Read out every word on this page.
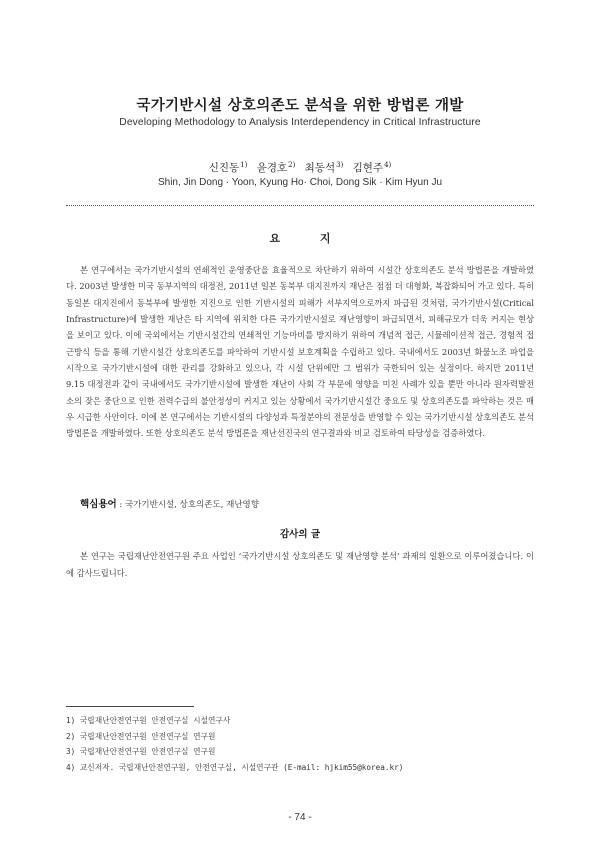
국가기반시설 상호의존도 분석을 위한 방법론 개발
Developing Methodology to Analysis Interdependency in Critical Infrastructure
신진동$^{1)}$ 윤경호$^{2)}$ 최동석$^{3)}$ 김현주$^{4)}$
Shin, Jin Dong · Yoon, Kyung Ho· Choi, Dong Sik · Kim Hyun Ju
요 지

본 연구에서는 국가기반시설의 연쇄적인 운영중단을 효율적으로 차단하기 위하여 시설간 상호의존도 분석 방법론을 개발하였다. 2003년 발생한 미국 동부지역의 대정전, 2011년 일본 동북부 대지진까지 재난은 점점 더 대형화, 복잡화되어 가고 있다. 특히 동일본 대지진에서 동북부에 발생한 지진으로 인한 기반시설의 피해가 서부지역으로까지 파급된 것처럼, 국가기반시설(Critical Infrastructure)에 발생한 재난은 타 지역에 위치한 다른 국가기반시설로 재난영향이 파급되면서, 피해규모가 더욱 커지는 현상을 보이고 있다. 이에 국외에서는 기반시설간의 연쇄적인 기능마비를 방지하기 위하여 개념적 접근, 시뮬레이션적 접근, 경험적 접근방식 등을 통해 기반시설간 상호의존도를 파악하여 기반시설 보호계획을 수립하고 있다. 국내에서도 2003년 화물노조 파업을 시작으로 국가기반시설에 대한 관리를 강화하고 있으나, 각 시설 단위에만 그 범위가 국한되어 있는 실정이다. 하지만 2011년 9.15 대정전과 같이 국내에서도 국가기반시설에 발생한 재난이 사회 각 부문에 영향을 미친 사례가 있을 뿐만 아니라 원자력발전소의 잦은 중단으로 인한 전력수급의 불안정성이 커지고 있는 상황에서 국가기반시설간 중요도 및 상호의존도를 파악하는 것은 매우 시급한 사안이다. 이에 본 연구에서는 기반시설의 다양성과 특정분야의 전문성을 반영할 수 있는 국가기반시설 상호의존도 분석 방법론을 개발하였다. 또한 상호의존도 분석 방법론을 재난선진국의 연구결과와 비교 검토하여 타당성을 검증하였다.

핵심용어 : 국가기반시설, 상호의존도, 재난영향
감사의 글

본 연구는 국립재난안전연구원 주요 사업인 ‘국가기반시설 상호의존도 및 재난영향 분석’ 과제의 일환으로 이루어졌습니다. 이에 감사드립니다.

1) 국립재난안전연구원 안전연구실 시설연구사
2) 국립재난안전연구원 안전연구실 연구원
3) 국립재난안전연구원 안전연구실 연구원
4) 교신저자. 국립재난안전연구원, 안전연구실, 시설연구관 (E-mail: hjkim55@korea.kr)
- 74 -
